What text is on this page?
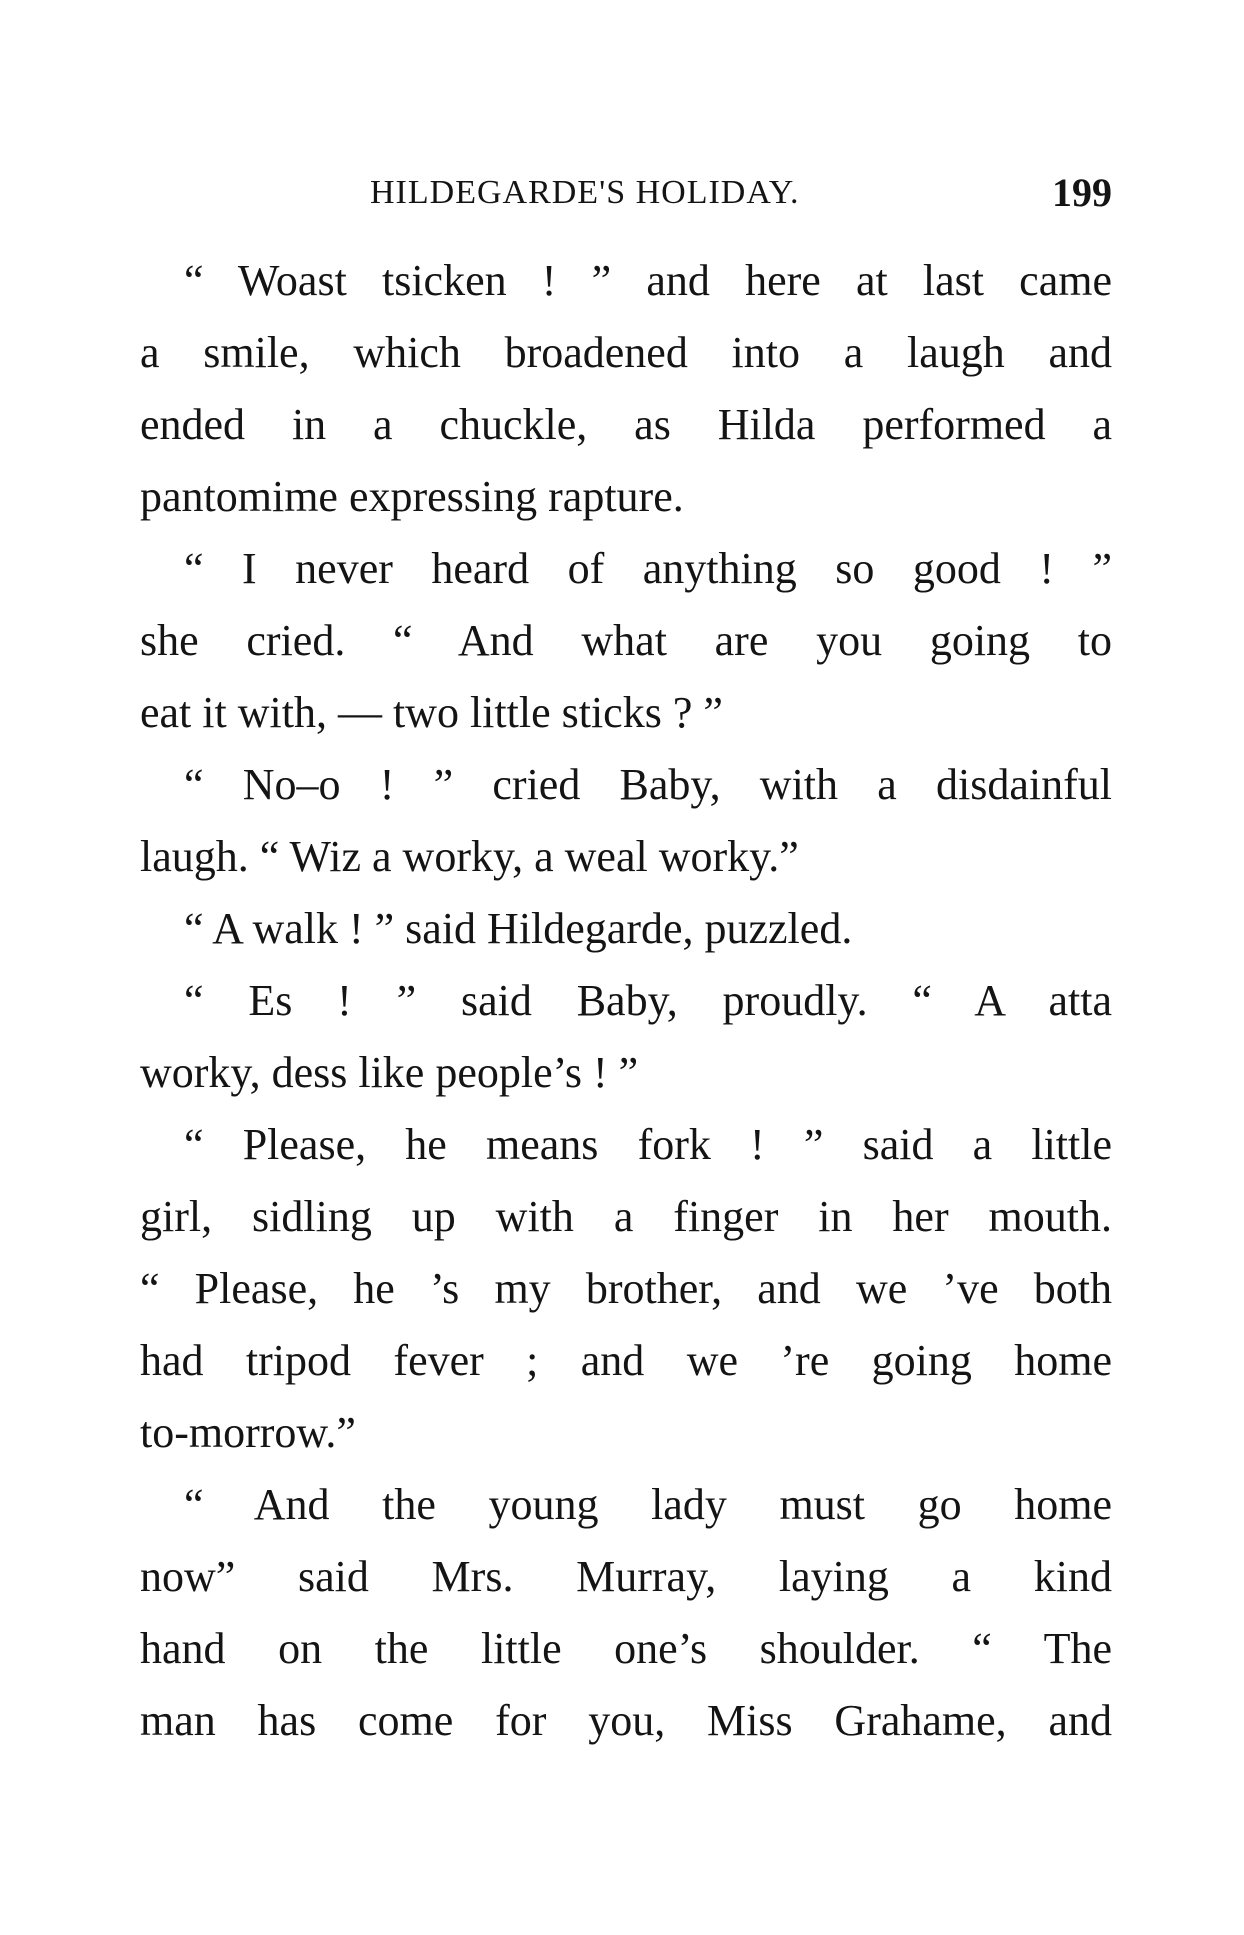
HILDEGARDE'S HOLIDAY.	199
“ Woast tsicken ! ” and here at last came
a smile, which broadened into a laugh and
ended in a chuckle, as Hilda performed a
pantomime expressing rapture.
“ I never heard of anything so good ! ”
she cried. “ And what are you going to
eat it with, — two little sticks ? ”
“ No–o ! ” cried Baby, with a disdainful
laugh. “ Wiz a worky, a weal worky.”
“ A walk ! ” said Hildegarde, puzzled.
“ Es ! ” said Baby, proudly. “ A atta
worky, dess like people’s ! ”
“ Please, he means fork ! ” said a little
girl, sidling up with a finger in her mouth.
“ Please, he ’s my brother, and we ’ve both
had tripod fever ; and we ’re going home
to-morrow.”
“ And the young lady must go home
now” said Mrs. Murray, laying a kind
hand on the little one’s shoulder. “ The
man has come for you, Miss Grahame, and
